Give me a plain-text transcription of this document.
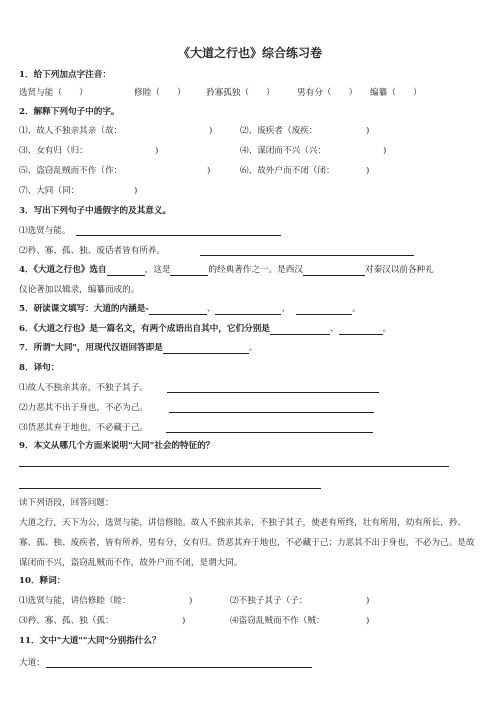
《大道之行也》综合练习卷
1．给下列加点字注音：
选贤与能（　　）	修睦（　　） 矜寡孤独（　　）	男有分（　　） 编纂（　　）
2．解释下列句子中的字。
⑴、故人不独亲其亲（故：	)	⑵、废疾者（废疾：	)
⑶、女有归（归：	)	⑷、谋闭而不兴（兴：	)
⑸、盗窃乱贼而不作（作：	)	⑹、故外户而不闭（闭：	)
⑺、大同（同：	)
3．写出下列句子中通假字的及其意义。
⑴选贤与能。
⑵矜、寡、孤、独、废话者皆有所养。
4．《大道之行也》选自	，这是	的经典著作之一。是西汉	对秦汉以前各种礼
仪论著加以辑录，编纂而成的。
5．研读课文填写：大道的内涵是-	、	、	。
6．《大道之行也》是一篇名文，有两个成语出自其中，它们分别是	、	。
7．所谓"大同"，用现代汉语回答即是	。
8．译句：
⑴故人不独亲其亲，不独子其子。
⑵力恶其不出于身也，不必为己。
⑶货恶其弃于地也，不必藏于己。
9．本文从哪几个方面来说明"大同"社会的特征的？
读下列语段，回答问题：
大道之行，天下为公，选贤与能，讲信修睦。故人不独亲其亲，不独子其子，使老有所终，壮有所用，幼有所长，矜、寡、孤、独、废疾者，皆有所养，男有分，女有归。货恶其弃于地也，不必藏于己；力恶其不出于身也，不必为己。是故谋闭而不兴，盗窃乱贼而不作，故外户而不闭，是谓大同。
10．释词：
⑴选贤与能，讲信修睦（睦：	)	⑵不独子其子（子：	)
⑶矜、寡、孤、独（孤：	)	⑷盗窃乱贼而不作（贼：	)
11．文中"大道""大同"分别指什么？
大道：
